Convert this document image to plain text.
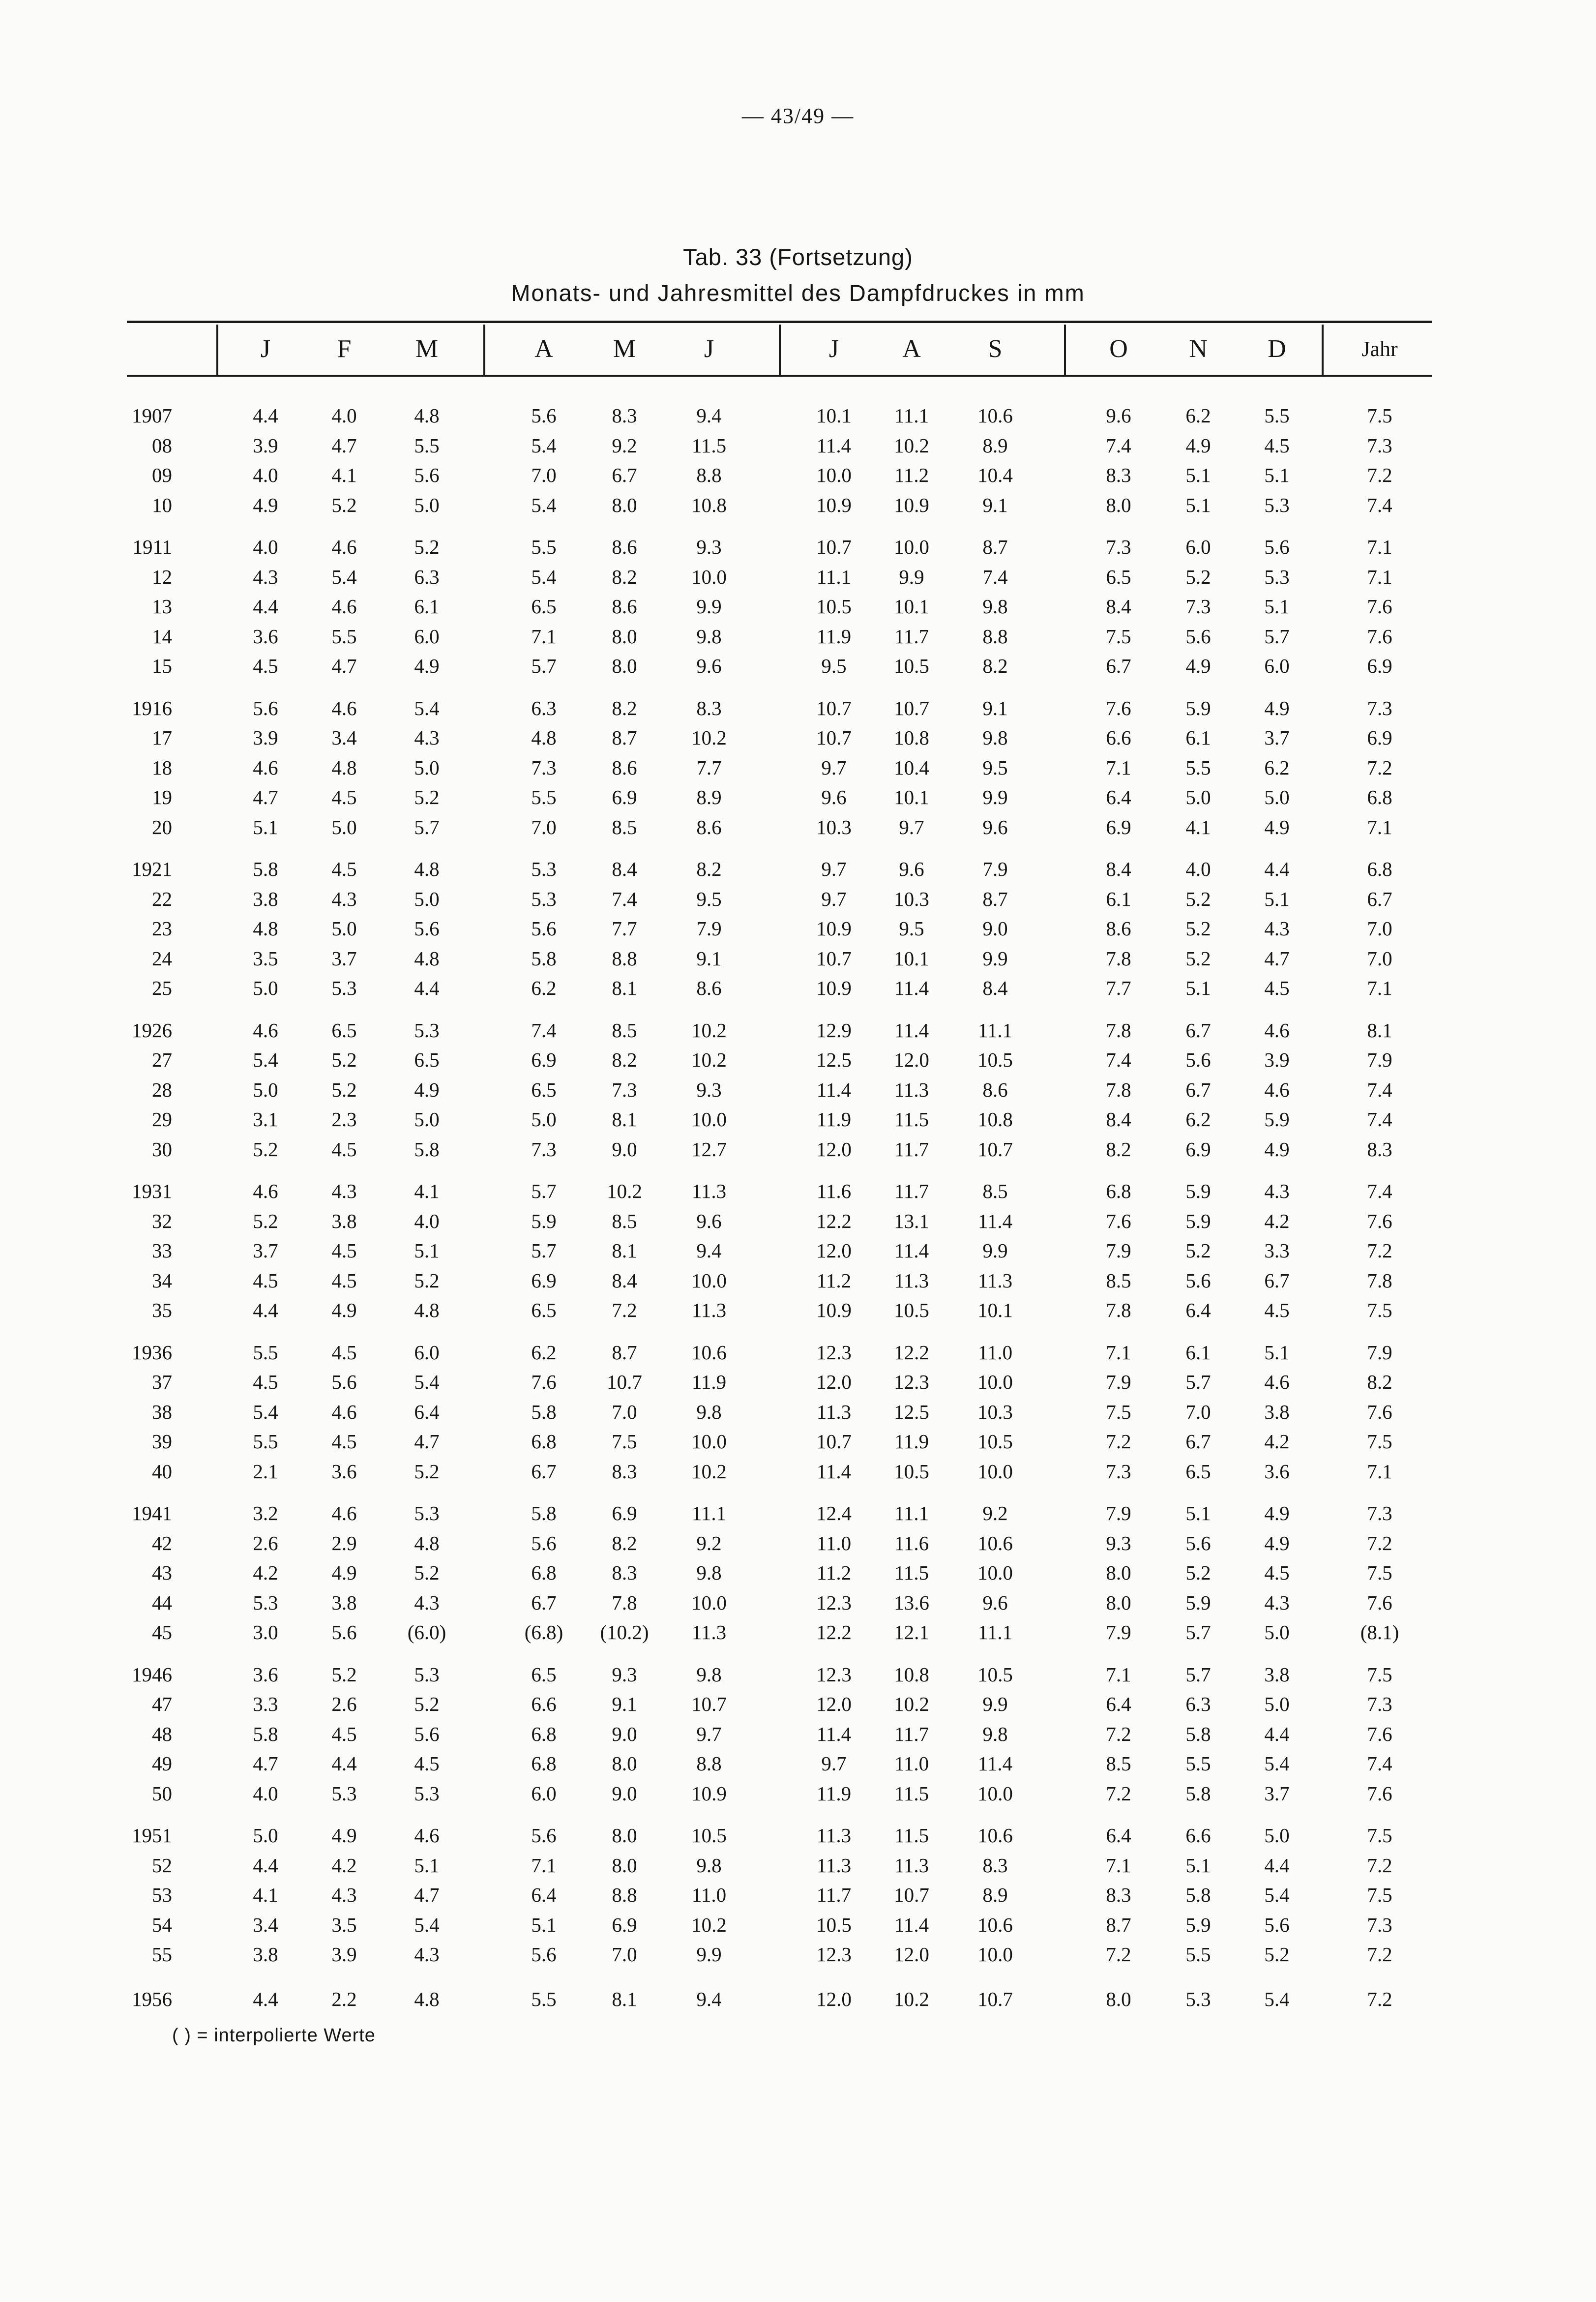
— 43/49 —
Tab. 33 (Fortsetzung)
Monats- und Jahresmittel des Dampfdruckes in mm
J	F	M	A M	J	J A	S	O N D	Jahr
1907	4.4	4.0	4.8	5.6	8.3	9.4	10.1 11.1 10.6	9.6	6.2	5.5	7.5
08	3.9	4.7	5.5	5.4	9.2	11.5	11.4 10.2	8.9	7.4	4.9	4.5	7.3
09	4.0	4.1	5.6	7.0	6.7	8.8	10.0 11.2 10.4	8.3	5.1	5.1	7.2
10	4.9	5.2	5.0	5.4	8.0	10.8	10.9 10.9	9.1	8.0	5.1	5.3	7.4
1911	4.0	4.6	5.2	5.5	8.6	9.3	10.7 10.0	8.7	7.3	6.0	5.6	7.1
12	4.3	5.4	6.3	5.4	8.2	10.0	11.1 9.9	7.4	6.5	5.2	5.3	7.1
13	4.4	4.6	6.1	6.5	8.6	9.9	10.5 10.1	9.8	8.4	7.3	5.1	7.6
14	3.6	5.5	6.0	7.1	8.0	9.8	11.9 11.7	8.8	7.5	5.6	5.7	7.6
15	4.5	4.7	4.9	5.7	8.0	9.6	9.5 10.5	8.2	6.7	4.9	6.0	6.9
1916	5.6	4.6	5.4	6.3	8.2	8.3	10.7 10.7	9.1	7.6	5.9	4.9	7.3
17	3.9	3.4	4.3	4.8	8.7	10.2	10.7 10.8	9.8	6.6	6.1	3.7	6.9
18	4.6	4.8	5.0	7.3	8.6	7.7	9.7 10.4	9.5	7.1	5.5	6.2	7.2
19	4.7	4.5	5.2	5.5	6.9	8.9	9.6 10.1	9.9	6.4	5.0	5.0	6.8
20	5.1	5.0	5.7	7.0	8.5	8.6	10.3 9.7	9.6	6.9	4.1	4.9	7.1
1921	5.8	4.5	4.8	5.3	8.4	8.2	9.7	9.6	7.9	8.4	4.0	4.4	6.8
22	3.8	4.3	5.0	5.3	7.4	9.5	9.7 10.3	8.7	6.1	5.2	5.1	6.7
23	4.8	5.0	5.6	5.6	7.7	7.9	10.9 9.5	9.0	8.6	5.2	4.3	7.0
24	3.5	3.7	4.8	5.8	8.8	9.1	10.7 10.1	9.9	7.8	5.2	4.7	7.0
25	5.0	5.3	4.4	6.2	8.1	8.6	10.9 11.4	8.4	7.7	5.1	4.5	7.1
1926	4.6	6.5	5.3	7.4	8.5	10.2	12.9 11.4 11.1	7.8	6.7	4.6	8.1
27	5.4	5.2	6.5	6.9	8.2	10.2	12.5 12.0 10.5	7.4	5.6	3.9	7.9
28	5.0	5.2	4.9	6.5	7.3	9.3	11.4 11.3	8.6	7.8	6.7	4.6	7.4
29	3.1	2.3	5.0	5.0	8.1	10.0	11.9 11.5 10.8	8.4	6.2	5.9	7.4
30	5.2	4.5	5.8	7.3	9.0	12.7	12.0 11.7 10.7	8.2	6.9	4.9	8.3
1931	4.6	4.3	4.1	5.7	10.2 11.3	11.6 11.7	8.5	6.8	5.9	4.3	7.4
32	5.2	3.8	4.0	5.9	8.5	9.6	12.2 13.1 11.4	7.6	5.9	4.2	7.6
33	3.7	4.5	5.1	5.7	8.1	9.4	12.0 11.4	9.9	7.9	5.2	3.3	7.2
34	4.5	4.5	5.2	6.9	8.4	10.0	11.2 11.3 11.3	8.5	5.6	6.7	7.8
35	4.4	4.9	4.8	6.5	7.2	11.3	10.9 10.5 10.1	7.8	6.4	4.5	7.5
1936	5.5	4.5	6.0	6.2	8.7	10.6	12.3 12.2 11.0	7.1	6.1	5.1	7.9
37	4.5	5.6	5.4	7.6	10.7 11.9	12.0 12.3 10.0	7.9	5.7	4.6	8.2
38	5.4	4.6	6.4	5.8	7.0	9.8	11.3 12.5 10.3	7.5	7.0	3.8	7.6
39	5.5	4.5	4.7	6.8	7.5	10.0	10.7 11.9 10.5	7.2	6.7	4.2	7.5
40	2.1	3.6	5.2	6.7	8.3	10.2	11.4 10.5 10.0	7.3	6.5	3.6	7.1
1941	3.2	4.6	5.3	5.8	6.9	11.1	12.4 11.1	9.2	7.9	5.1	4.9	7.3
42	2.6	2.9	4.8	5.6	8.2	9.2	11.0 11.6 10.6	9.3	5.6	4.9	7.2
43	4.2	4.9	5.2	6.8	8.3	9.8	11.2 11.5 10.0	8.0	5.2	4.5	7.5
44	5.3	3.8	4.3	6.7	7.8	10.0	12.3 13.6	9.6	8.0	5.9	4.3	7.6
45	3.0	5.6	(6.0)	(6.8) (10.2) 11.3	12.2 12.1 11.1	7.9	5.7	5.0	(8.1)
1946	3.6	5.2	5.3	6.5	9.3	9.8	12.3 10.8 10.5	7.1	5.7	3.8	7.5
47	3.3	2.6	5.2	6.6	9.1	10.7	12.0 10.2	9.9	6.4	6.3	5.0	7.3
48	5.8	4.5	5.6	6.8	9.0	9.7	11.4 11.7	9.8	7.2	5.8	4.4	7.6
49	4.7	4.4	4.5	6.8	8.0	8.8	9.7 11.0 11.4	8.5	5.5	5.4	7.4
50	4.0	5.3	5.3	6.0	9.0	10.9	11.9 11.5 10.0	7.2	5.8	3.7	7.6
1951	5.0	4.9	4.6	5.6	8.0	10.5	11.3 11.5 10.6	6.4	6.6	5.0	7.5
52	4.4	4.2	5.1	7.1	8.0	9.8	11.3 11.3	8.3	7.1	5.1	4.4	7.2
53	4.1	4.3	4.7	6.4	8.8	11.0	11.7 10.7	8.9	8.3	5.8	5.4	7.5
54	3.4	3.5	5.4	5.1	6.9	10.2	10.5 11.4 10.6	8.7	5.9	5.6	7.3
55	3.8	3.9	4.3	5.6	7.0	9.9	12.3 12.0 10.0	7.2	5.5	5.2	7.2
1956	4.4	2.2	4.8	5.5	8.1	9.4	12.0 10.2 10.7	8.0	5.3	5.4	7.2
( ) = interpolierte Werte
